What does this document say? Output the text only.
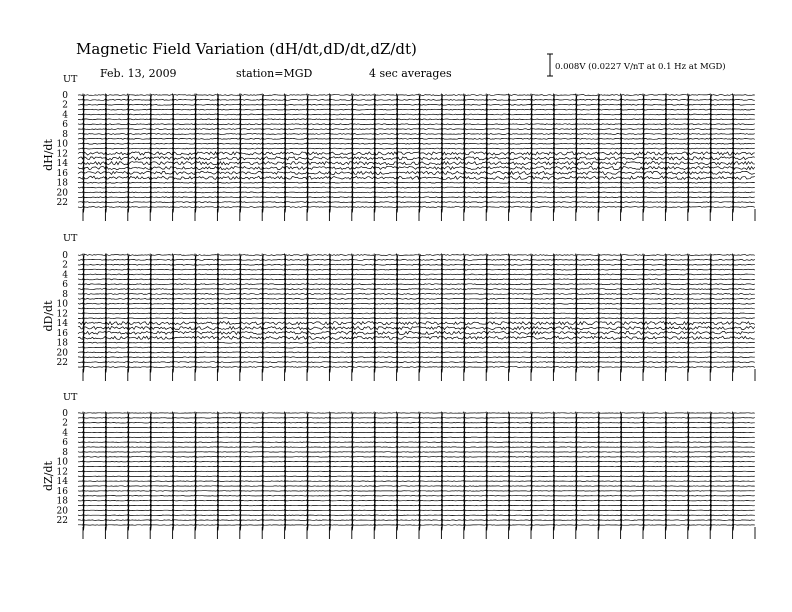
Magnetic Field Variation (dH/dt,dD/dt,dZ/dt)
Feb. 13, 2009	station=MGD	4 sec averages	0.008V (0.0227 V/nT at 0.1 Hz at MGD)
UT
dH/dt
0
2
4
6
8
10
12
14
16
18
20
22
UT
dD/dt
0
2
4
6
8
10
12
14
16
18
20
22
UT
dZ/dt
0
2
4
6
8
10
12
14
16
18
20
22
